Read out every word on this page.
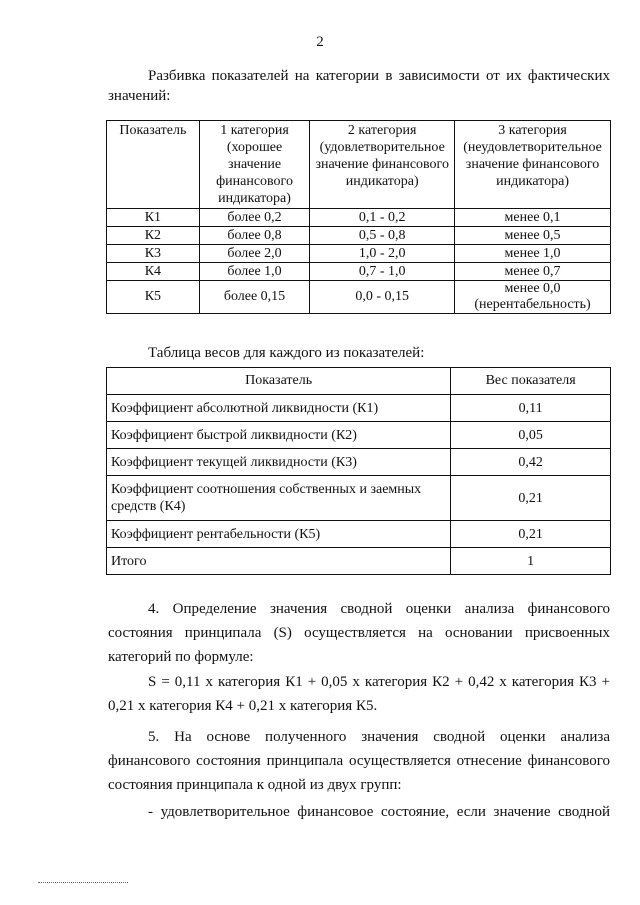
2
Разбивка показателей на категории в зависимости от их фактических значений:
Показатель	1 категория (хорошее значение финансового индикатора)	2 категория (удовлетворительное значение финансового индикатора)	3 категория (неудовлетворительное значение финансового индикатора)
К1	более 0,2	0,1 - 0,2	менее 0,1
К2	более 0,8	0,5 - 0,8	менее 0,5
К3	более 2,0	1,0 - 2,0	менее 1,0
К4	более 1,0	0,7 - 1,0	менее 0,7
К5	более 0,15	0,0 - 0,15	менее 0,0 (нерентабельность)
Таблица весов для каждого из показателей:
Показатель	Вес показателя
Коэффициент абсолютной ликвидности (К1)	0,11
Коэффициент быстрой ликвидности (К2)	0,05
Коэффициент текущей ликвидности (К3)	0,42
Коэффициент соотношения собственных и заемных средств (К4)	0,21
Коэффициент рентабельности (К5)	0,21
Итого	1
4. Определение значения сводной оценки анализа финансового состояния принципала (S) осуществляется на основании присвоенных категорий по формуле:
S = 0,11 х категория К1 + 0,05 х категория К2 + 0,42 х категория К3 + 0,21 х категория К4 + 0,21 х категория К5.
5. На основе полученного значения сводной оценки анализа финансового состояния принципала осуществляется отнесение финансового состояния принципала к одной из двух групп:
- удовлетворительное финансовое состояние, если значение сводной
